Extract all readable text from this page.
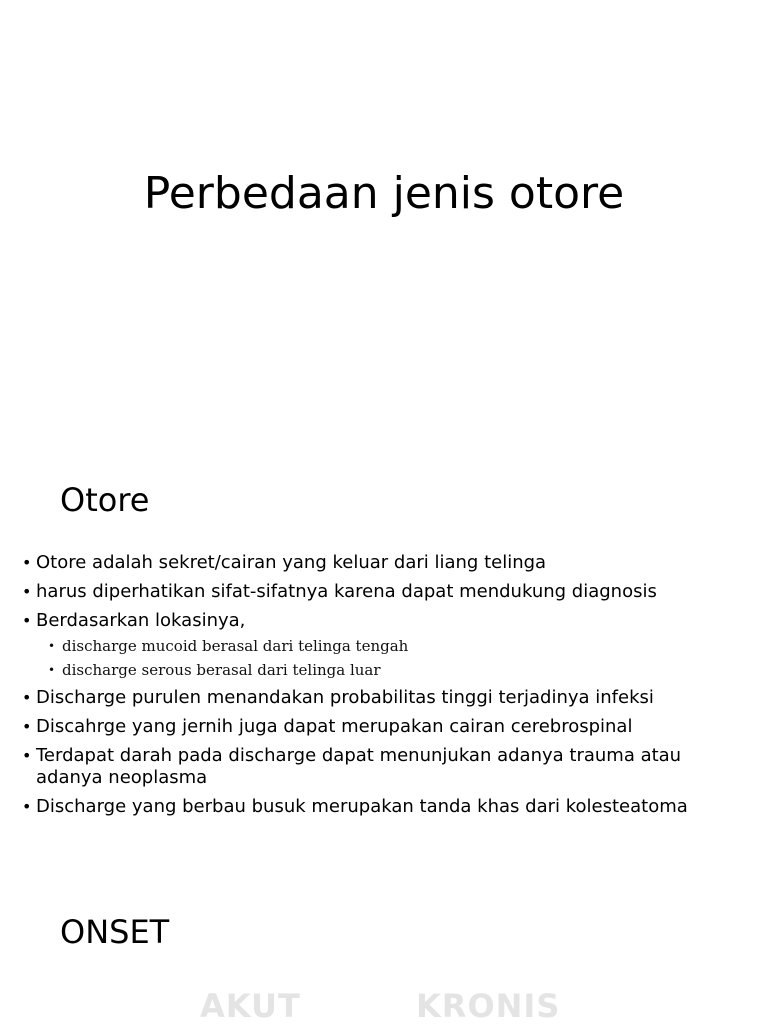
Perbedaan jenis otore
Otore
• Otore adalah sekret/cairan yang keluar dari liang telinga
• harus diperhatikan sifat-sifatnya karena dapat mendukung diagnosis
• Berdasarkan lokasinya,
• discharge mucoid berasal dari telinga tengah
• discharge serous berasal dari telinga luar
• Discharge purulen menandakan probabilitas tinggi terjadinya infeksi
• Discahrge yang jernih juga dapat merupakan cairan cerebrospinal
• Terdapat darah pada discharge dapat menunjukan adanya trauma atau adanya neoplasma
• Discharge yang berbau busuk merupakan tanda khas dari kolesteatoma
ONSET
AKUT	KRONIS
